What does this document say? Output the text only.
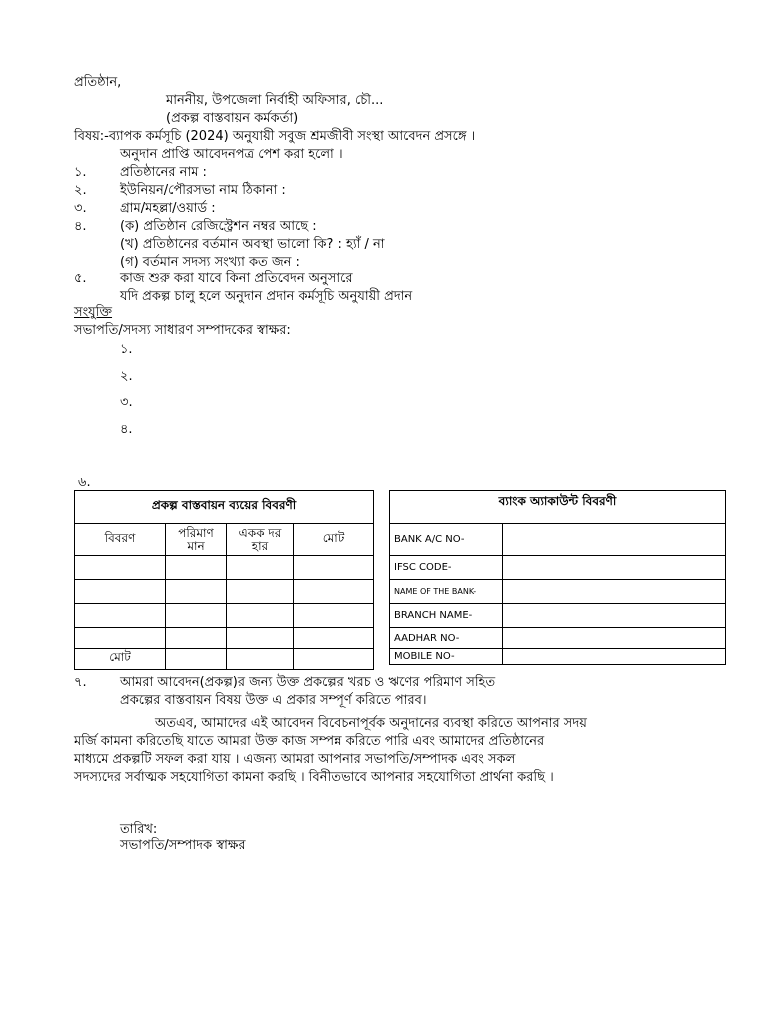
প্রতিষ্ঠান,
মাননীয়, উপজেলা নির্বাহী অফিসার, চৌ...
(প্রকল্প বাস্তবায়ন কর্মকর্তা)
বিষয়:-ব্যাপক কর্মসূচি (2024) অনুযায়ী সবুজ শ্রমজীবী সংস্থা আবেদন প্রসঙ্গে ।
অনুদান প্রাপ্তি আবেদনপত্র পেশ করা হলো ।
১.	প্রতিষ্ঠানের নাম :
২.	ইউনিয়ন/পৌরসভা নাম ঠিকানা :
৩.	গ্রাম/মহল্লা/ওয়ার্ড :
৪.	(ক) প্রতিষ্ঠান রেজিস্ট্রেশন নম্বর আছে :
(খ) প্রতিষ্ঠানের বর্তমান অবস্থা ভালো কি? : হ্যাঁ / না
(গ) বর্তমান সদস্য সংখ্যা কত জন :
৫.	কাজ শুরু করা যাবে কিনা প্রতিবেদন অনুসারে
যদি প্রকল্প চালু হলে অনুদান প্রদান কর্মসূচি অনুযায়ী প্রদান
সংযুক্তি
সভাপতি/সদস্য সাধারণ সম্পাদকের স্বাক্ষর:
১.
২.
৩.
৪.
৬.
প্রকল্প বাস্তবায়ন ব্যয়ের বিবরণী			
বিবরণ	পরিমাণ মান	একক দর হার	মোট

মোট			
ব্যাংক অ্যাকাউন্ট বিবরণী	
BANK A/C NO-	
IFSC CODE-	
NAME OF THE BANK-	
BRANCH NAME-	
AADHAR NO-	
MOBILE NO-	
৭.	আমরা আবেদন(প্রকল্প)র জন্য উক্ত প্রকল্পের খরচ ও ঋণের পরিমাণ সহিত
প্রকল্পের বাস্তবায়ন বিষয় উক্ত এ প্রকার সম্পূর্ণ করিতে পারব।
অতএব, আমাদের এই আবেদন বিবেচনাপূর্বক অনুদানের ব্যবস্থা করিতে আপনার সদয়
মর্জি কামনা করিতেছি যাতে আমরা উক্ত কাজ সম্পন্ন করিতে পারি এবং আমাদের প্রতিষ্ঠানের
মাধ্যমে প্রকল্পটি সফল করা যায় । এজন্য আমরা আপনার সভাপতি/সম্পাদক এবং সকল
সদস্যদের সর্বাত্মক সহযোগিতা কামনা করছি । বিনীতভাবে আপনার সহযোগিতা প্রার্থনা করছি ।
তারিখ:
সভাপতি/সম্পাদক স্বাক্ষর
